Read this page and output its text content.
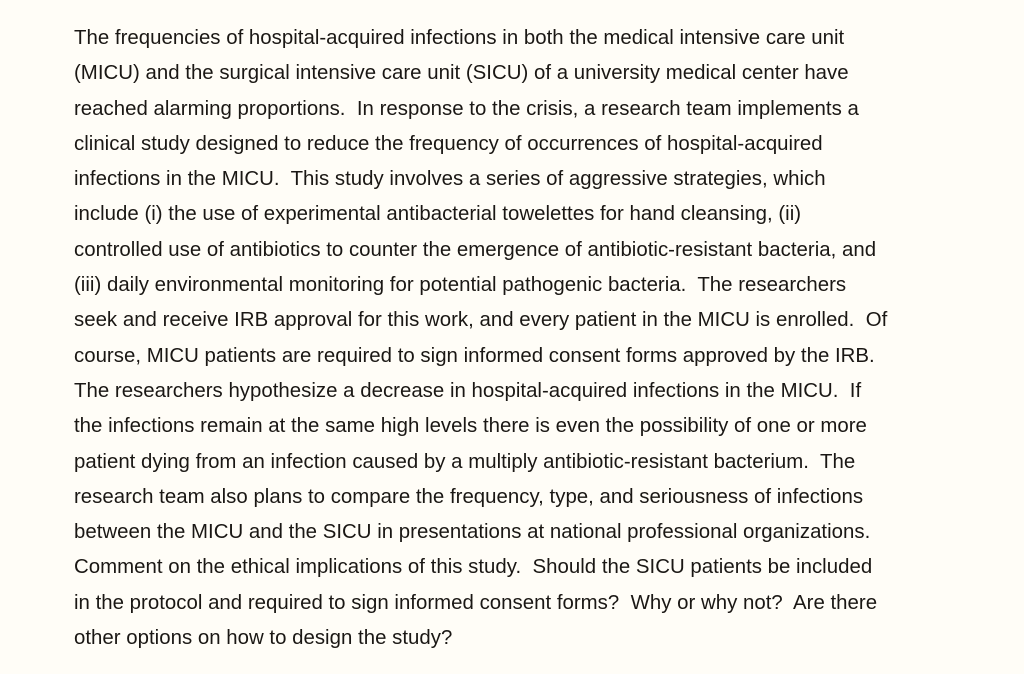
The frequencies of hospital-acquired infections in both the medical intensive care unit
(MICU) and the surgical intensive care unit (SICU) of a university medical center have
reached alarming proportions.  In response to the crisis, a research team implements a
clinical study designed to reduce the frequency of occurrences of hospital-acquired
infections in the MICU.  This study involves a series of aggressive strategies, which
include (i) the use of experimental antibacterial towelettes for hand cleansing, (ii)
controlled use of antibiotics to counter the emergence of antibiotic-resistant bacteria, and
(iii) daily environmental monitoring for potential pathogenic bacteria.  The researchers
seek and receive IRB approval for this work, and every patient in the MICU is enrolled.  Of
course, MICU patients are required to sign informed consent forms approved by the IRB.
The researchers hypothesize a decrease in hospital-acquired infections in the MICU.  If
the infections remain at the same high levels there is even the possibility of one or more
patient dying from an infection caused by a multiply antibiotic-resistant bacterium.  The
research team also plans to compare the frequency, type, and seriousness of infections
between the MICU and the SICU in presentations at national professional organizations.
Comment on the ethical implications of this study.  Should the SICU patients be included
in the protocol and required to sign informed consent forms?  Why or why not?  Are there
other options on how to design the study?
